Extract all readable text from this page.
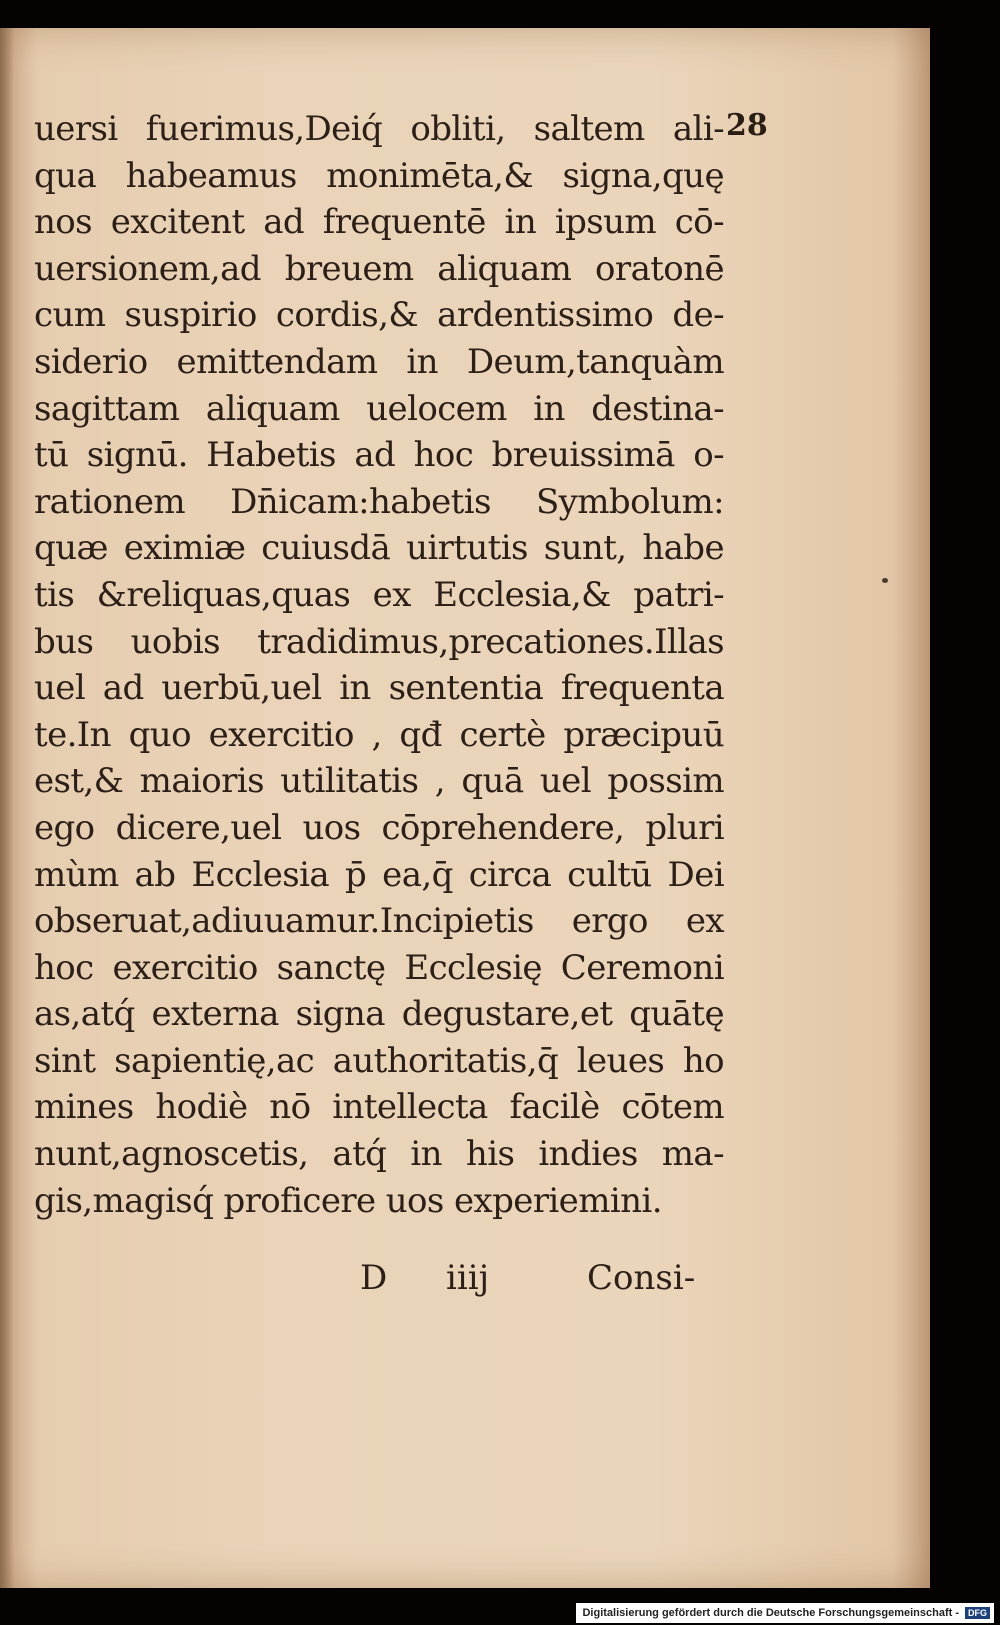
28
uersi fuerimus,Deiq́ obliti, saltem ali-
qua habeamus monimēta,& signa,quę
nos excitent ad frequentē in ipsum cō-
uersionem,ad breuem aliquam oratonē
cum suspirio cordis,& ardentissimo de-
siderio emittendam in Deum,tanquàm
sagittam aliquam uelocem in destina-
tū signū. Habetis ad hoc breuissimā o-
rationem Dn̄icam:habetis Symbolum:
quæ eximiæ cuiusdā uirtutis sunt, habe
tis &reliquas,quas ex Ecclesia,& patri-
bus uobis tradidimus,precationes.Illas
uel ad uerbū,uel in sententia frequenta
te.In quo exercitio , qđ certè præcipuū
est,& maioris utilitatis , quā uel possim
ego dicere,uel uos cōprehendere, pluri
mùm ab Ecclesia p̄ ea,q̄ circa cultū Dei
obseruat,adiuuamur.Incipietis ergo ex
hoc exercitio sanctę Ecclesię Ceremoni
as,atq́ externa signa degustare,et quātę
sint sapientię,ac authoritatis,q̄ leues ho
mines hodiè nō intellecta facilè cōtem
nunt,agnoscetis, atq́ in his indies ma-
gis,magisq́ proficere uos experiemini.
D iiij	Consi-
Digitalisierung gefördert durch die Deutsche Forschungsgemeinschaft -	DFG
